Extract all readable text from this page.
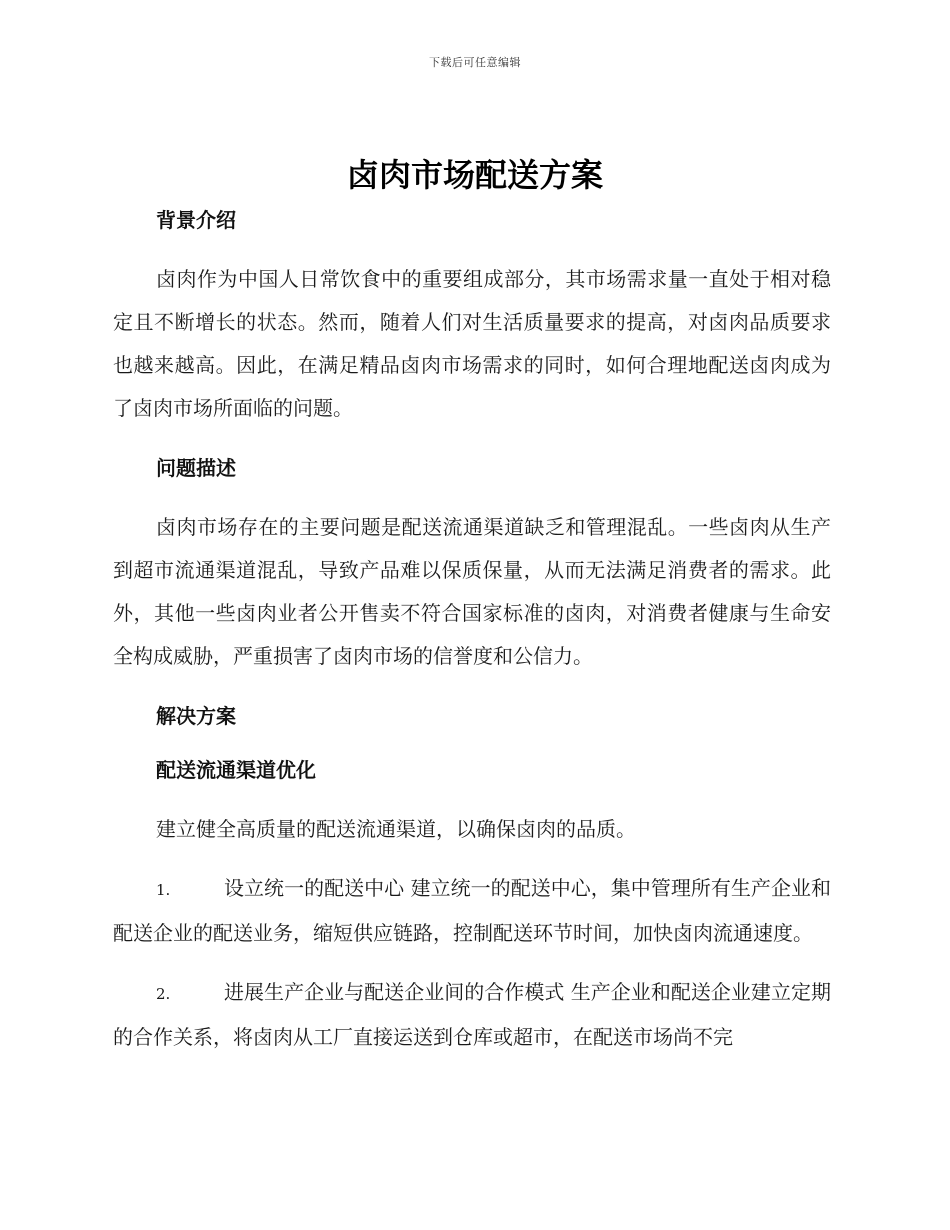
下载后可任意编辑
卤肉市场配送方案
背景介绍

卤肉作为中国人日常饮食中的重要组成部分，其市场需求量一直处于相对稳定且不断增长的状态。然而，随着人们对生活质量要求的提高，对卤肉品质要求也越来越高。因此，在满足精品卤肉市场需求的同时，如何合理地配送卤肉成为了卤肉市场所面临的问题。

问题描述

卤肉市场存在的主要问题是配送流通渠道缺乏和管理混乱。一些卤肉从生产到超市流通渠道混乱，导致产品难以保质保量，从而无法满足消费者的需求。此外，其他一些卤肉业者公开售卖不符合国家标准的卤肉，对消费者健康与生命安全构成威胁，严重损害了卤肉市场的信誉度和公信力。

解决方案
配送流通渠道优化

建立健全高质量的配送流通渠道，以确保卤肉的品质。

1.	设立统一的配送中心 建立统一的配送中心，集中管理所有生产企业和配送企业的配送业务，缩短供应链路，控制配送环节时间，加快卤肉流通速度。

2.	进展生产企业与配送企业间的合作模式 生产企业和配送企业建立定期的合作关系，将卤肉从工厂直接运送到仓库或超市，在配送市场尚不完
